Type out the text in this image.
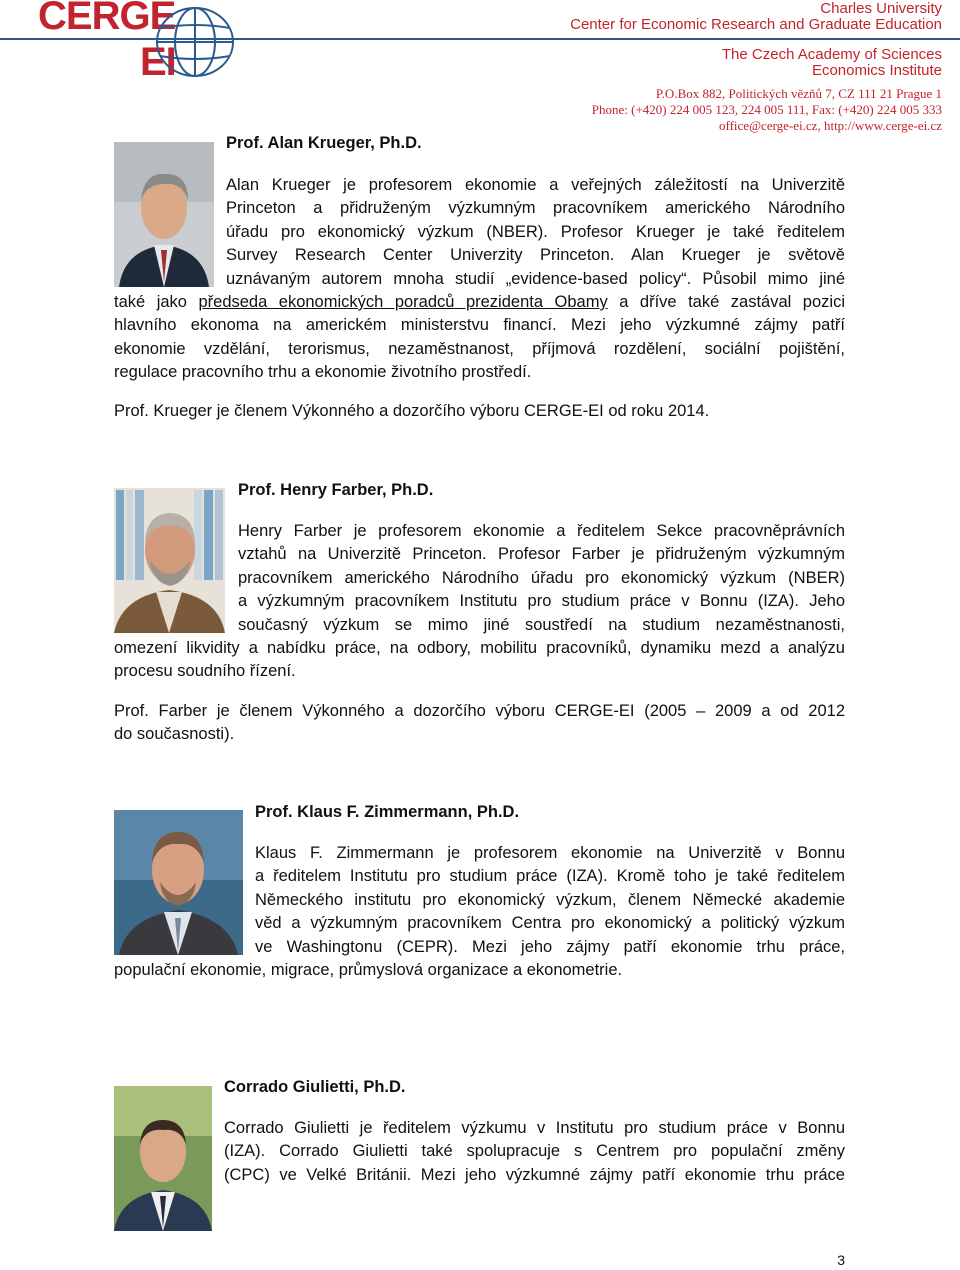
CERGE
EI
Charles University
Center for Economic Research and Graduate Education
The Czech Academy of Sciences
Economics Institute
P.O.Box 882, Politických vězňů 7, CZ 111 21 Prague 1
Phone: (+420) 224 005 123, 224 005 111, Fax: (+420) 224 005 333
office@cerge-ei.cz, http://www.cerge-ei.cz
Prof. Alan Krueger, Ph.D.
Alan Krueger je profesorem ekonomie a veřejných záležitostí na Univerzitě
Princeton a přidruženým výzkumným pracovníkem amerického Národního
úřadu pro ekonomický výzkum (NBER). Profesor Krueger je také ředitelem
Survey Research Center Univerzity Princeton. Alan Krueger je světově
uznávaným autorem mnoha studií „evidence-based policy“. Působil mimo jiné
také jako předseda ekonomických poradců prezidenta Obamy a dříve také zastával pozici
hlavního ekonoma na americkém ministerstvu financí. Mezi jeho výzkumné zájmy patří
ekonomie vzdělání, terorismus, nezaměstnanost, příjmová rozdělení, sociální pojištění,
regulace pracovního trhu a ekonomie životního prostředí.
Prof. Krueger je členem Výkonného a dozorčího výboru CERGE-EI od roku 2014.
Prof. Henry Farber, Ph.D.
Henry Farber je profesorem ekonomie a ředitelem Sekce pracovněprávních
vztahů na Univerzitě Princeton. Profesor Farber je přidruženým výzkumným
pracovníkem amerického Národního úřadu pro ekonomický výzkum (NBER)
a výzkumným pracovníkem Institutu pro studium práce v Bonnu (IZA). Jeho
současný výzkum se mimo jiné soustředí na studium nezaměstnanosti,
omezení likvidity a nabídku práce, na odbory, mobilitu pracovníků, dynamiku mezd a analýzu
procesu soudního řízení.
Prof. Farber je členem Výkonného a dozorčího výboru CERGE-EI (2005 – 2009 a od 2012
do současnosti).
Prof. Klaus F. Zimmermann, Ph.D.
Klaus F. Zimmermann je profesorem ekonomie na Univerzitě v Bonnu
a ředitelem Institutu pro studium práce (IZA). Kromě toho je také ředitelem
Německého institutu pro ekonomický výzkum, členem Německé akademie
věd a výzkumným pracovníkem Centra pro ekonomický a politický výzkum
ve Washingtonu (CEPR). Mezi jeho zájmy patří ekonomie trhu práce,
populační ekonomie, migrace, průmyslová organizace a ekonometrie.
Corrado Giulietti, Ph.D.
Corrado Giulietti je ředitelem výzkumu v Institutu pro studium práce v Bonnu
(IZA). Corrado Giulietti také spolupracuje s Centrem pro populační změny
(CPC) ve Velké Británii. Mezi jeho výzkumné zájmy patří ekonomie trhu práce
3
